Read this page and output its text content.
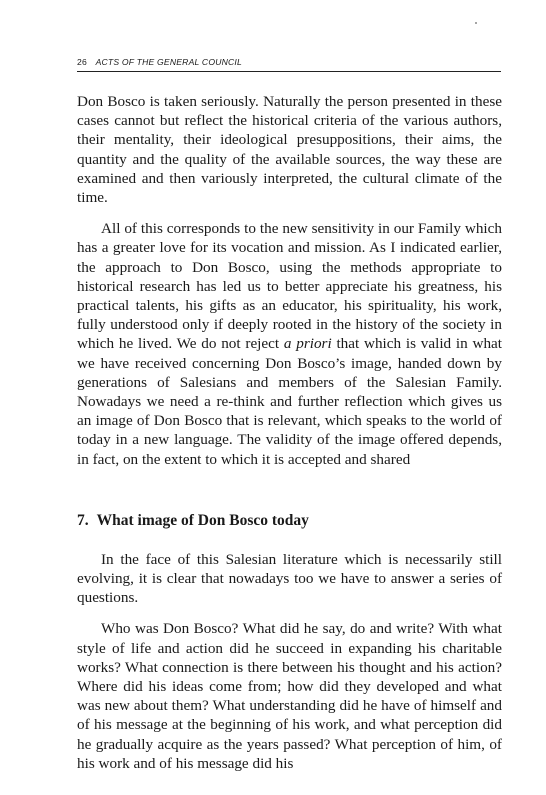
26 ACTS OF THE GENERAL COUNCIL

Don Bosco is taken seriously. Naturally the person presented in these cases cannot but reflect the historical criteria of the various authors, their mentality, their ideological presuppositions, their aims, the quantity and the quality of the available sources, the way these are examined and then variously interpreted, the cultural climate of the time.

All of this corresponds to the new sensitivity in our Family which has a greater love for its vocation and mission. As I indicated earlier, the approach to Don Bosco, using the methods appropriate to historical research has led us to better appreciate his greatness, his practical talents, his gifts as an educator, his spirituality, his work, fully understood only if deeply rooted in the history of the society in which he lived. We do not reject a priori that which is valid in what we have received concerning Don Bosco’s image, handed down by generations of Salesians and members of the Salesian Family. Nowadays we need a re-think and further reflection which gives us an image of Don Bosco that is relevant, which speaks to the world of today in a new language. The validity of the image offered depends, in fact, on the extent to which it is accepted and shared

7. What image of Don Bosco today

In the face of this Salesian literature which is necessarily still evolving, it is clear that nowadays too we have to answer a series of questions.

Who was Don Bosco? What did he say, do and write? With what style of life and action did he succeed in expanding his charitable works? What connection is there between his thought and his action? Where did his ideas come from; how did they developed and what was new about them? What understanding did he have of himself and of his message at the beginning of his work, and what perception did he gradually acquire as the years passed? What perception of him, of his work and of his message did his
